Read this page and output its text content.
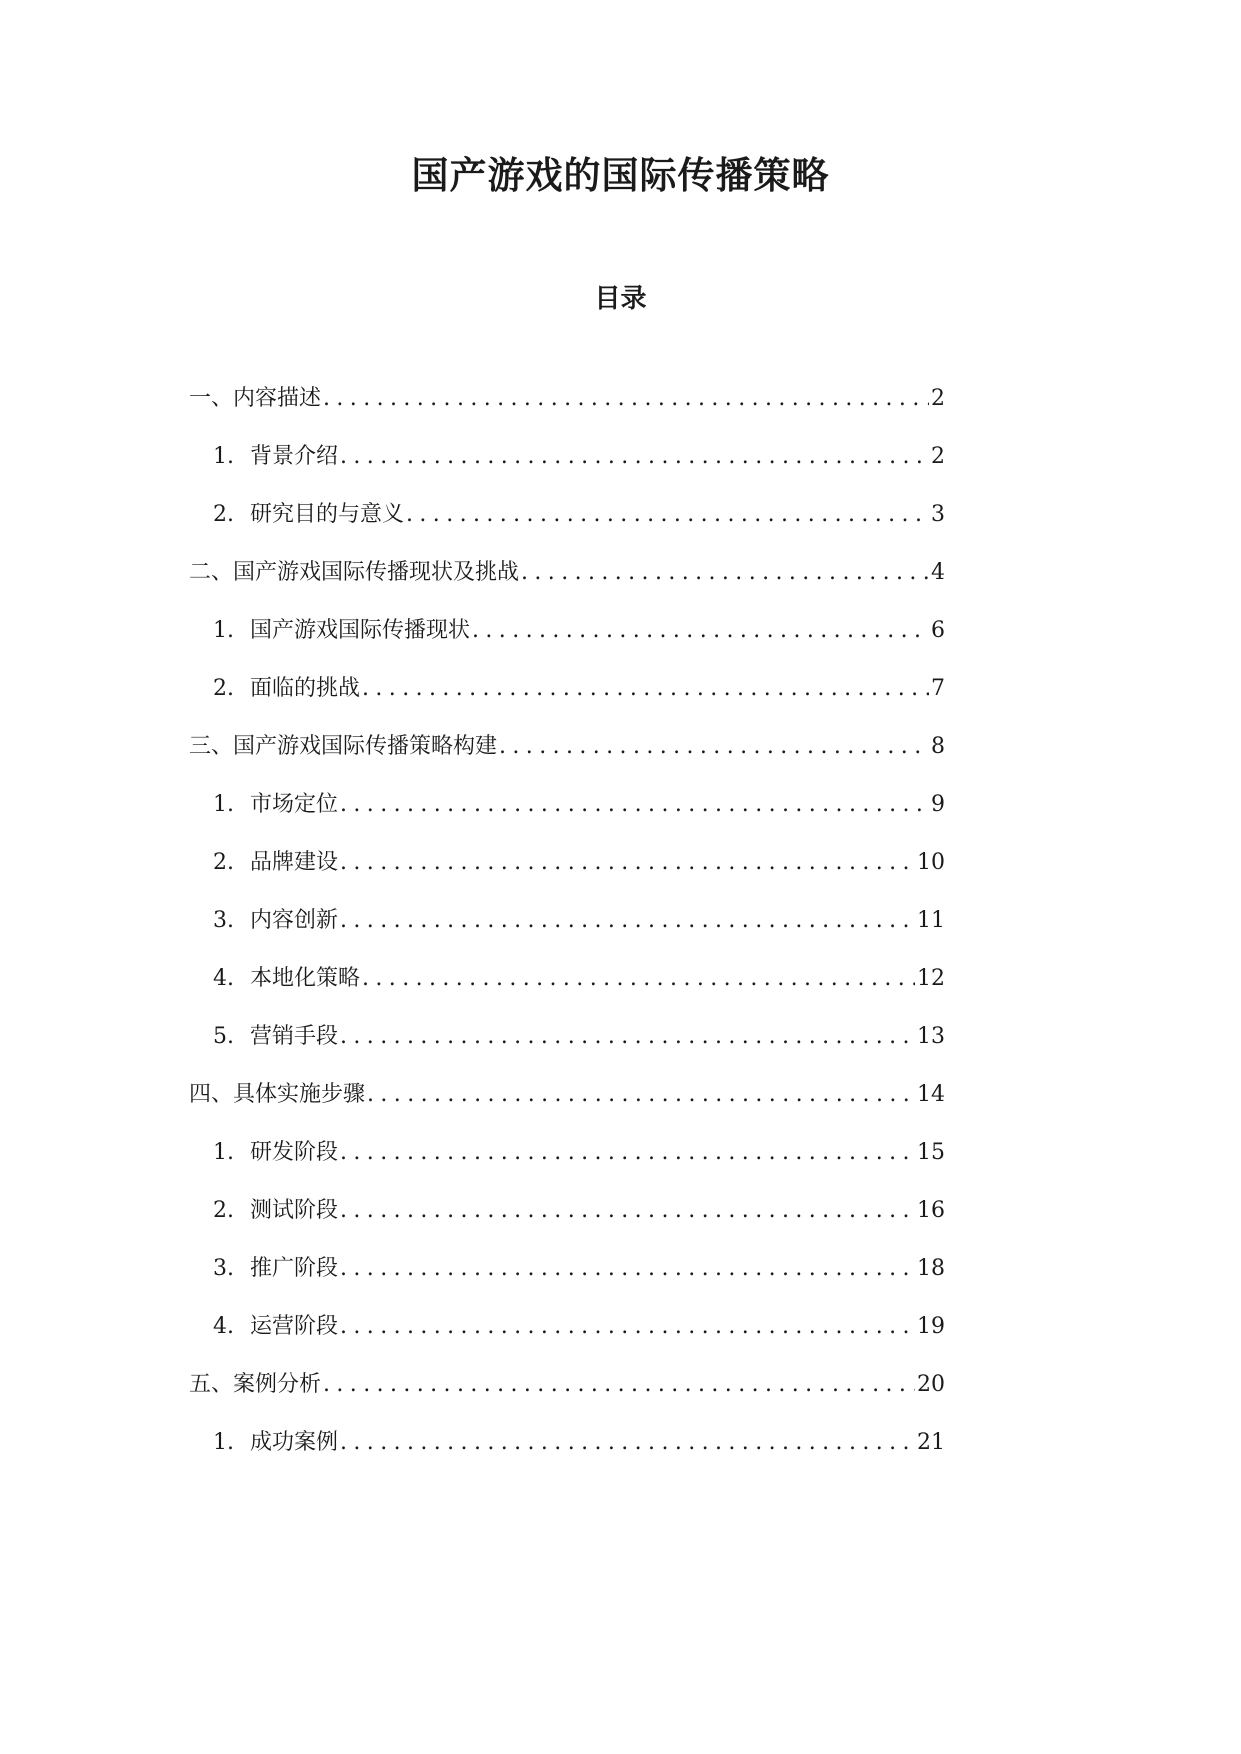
国产游戏的国际传播策略
目录
一、内容描述 .....	2
1. 背景介绍 .....	2
2. 研究目的与意义 .....	3
二、国产游戏国际传播现状及挑战 .....	4
1. 国产游戏国际传播现状 .....	6
2. 面临的挑战 .....	7
三、国产游戏国际传播策略构建 .....	8
1. 市场定位 .....	9
2. 品牌建设 .....	10
3. 内容创新 .....	11
4. 本地化策略 .....	12
5. 营销手段 .....	13
四、具体实施步骤 .....	14
1. 研发阶段 .....	15
2. 测试阶段 .....	16
3. 推广阶段 .....	18
4. 运营阶段 .....	19
五、案例分析 .....	20
1. 成功案例 .....	21
